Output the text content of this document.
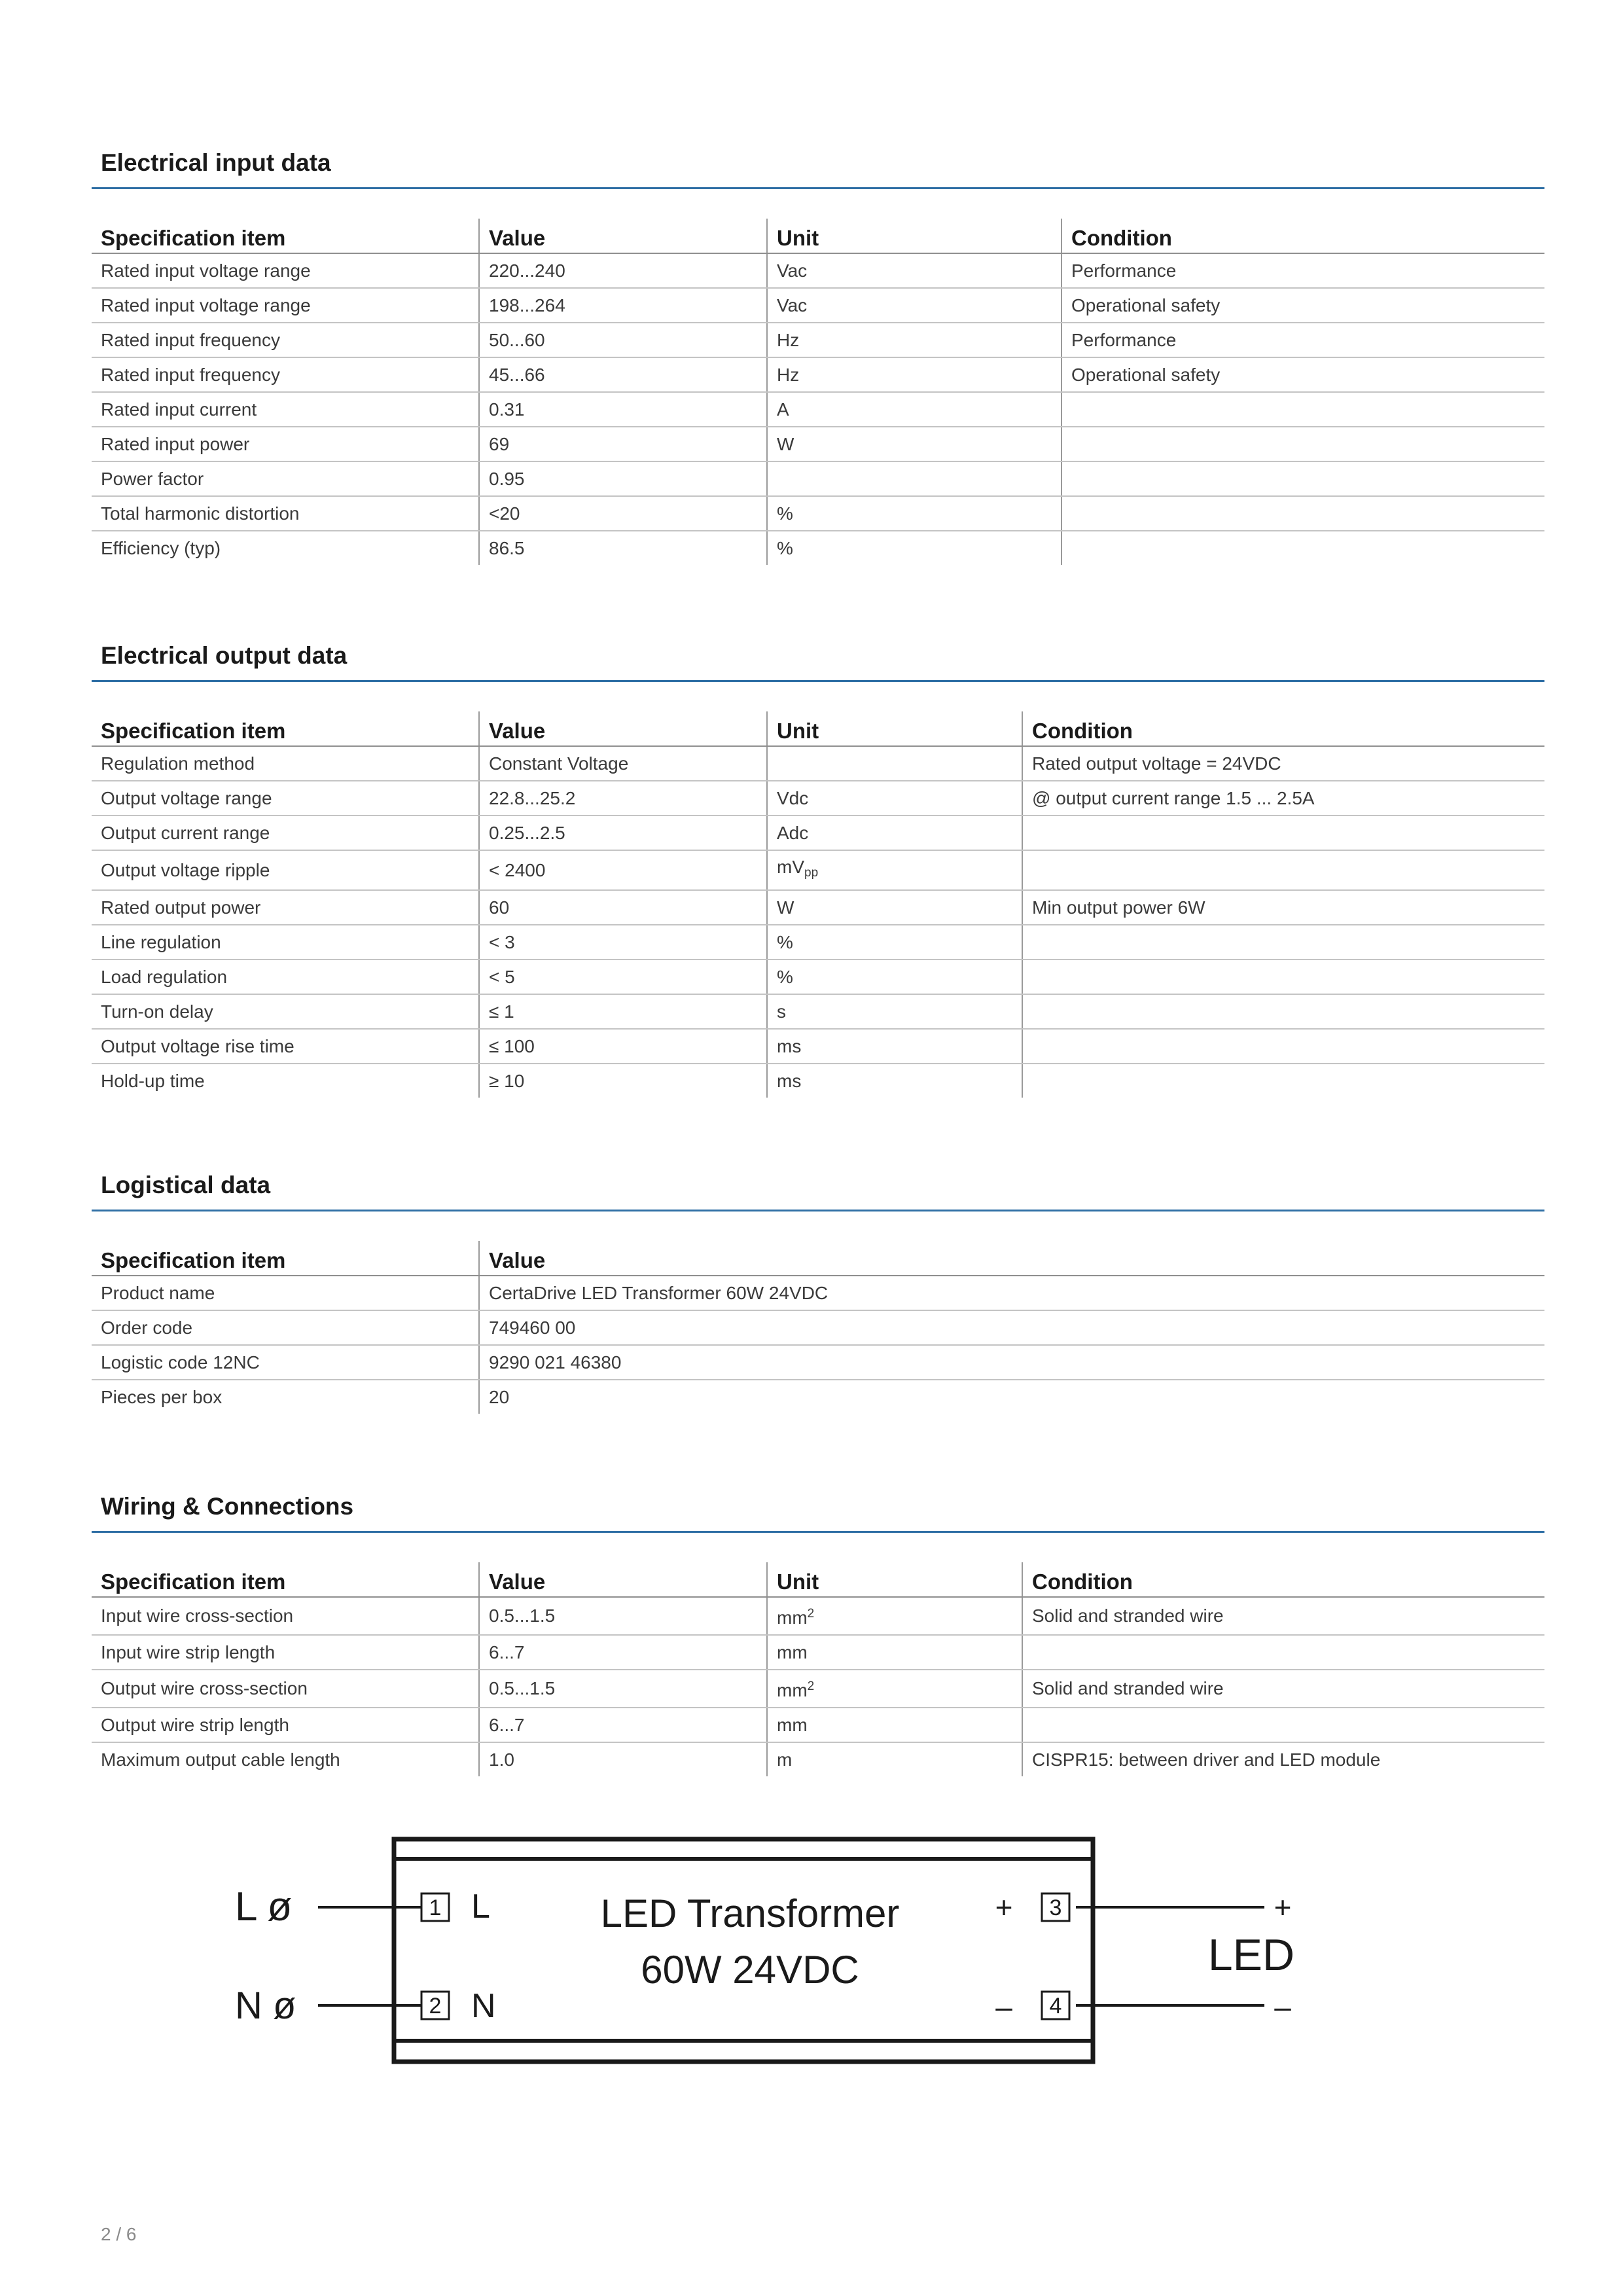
Electrical input data
Specification item	Value	Unit	Condition
Rated input voltage range	220...240	Vac	Performance
Rated input voltage range	198...264	Vac	Operational safety
Rated input frequency	50...60	Hz	Performance
Rated input frequency	45...66	Hz	Operational safety
Rated input current	0.31	A	
Rated input power	69	W	
Power factor	0.95		
Total harmonic distortion	<20	%	
Efficiency (typ)	86.5	%	
Electrical output data
Specification item	Value	Unit	Condition
Regulation method	Constant Voltage		Rated output voltage = 24VDC
Output voltage range	22.8...25.2	Vdc	@ output current range 1.5 ... 2.5A
Output current range	0.25...2.5	Adc	
Output voltage ripple	< 2400	$mV_{pp}$	
Rated output power	60	W	Min output power 6W
Line regulation	< 3	%	
Load regulation	< 5	%	
Turn-on delay	≤ 1	s	
Output voltage rise time	≤ 100	ms	
Hold-up time	≥ 10	ms	
Logistical data
Specification item	Value
Product name	CertaDrive LED Transformer 60W 24VDC
Order code	749460 00
Logistic code 12NC	9290 021 46380
Pieces per box	20
Wiring & Connections
Specification item	Value	Unit	Condition
Input wire cross-section	0.5...1.5	$mm^2$	Solid and stranded wire
Input wire strip length	6...7	mm	
Output wire cross-section	0.5...1.5	$mm^2$	Solid and stranded wire
Output wire strip length	6...7	mm	
Maximum output cable length	1.0	m	CISPR15: between driver and LED module
L ø
N ø
1
2
3
4
L
N
LED Transformer
60W 24VDC
+
–
+
–
LED
2 / 6
